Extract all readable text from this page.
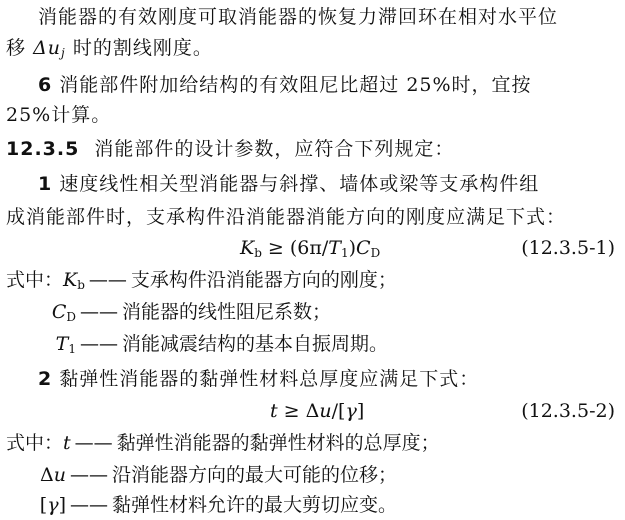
消能器的有效刚度可取消能器的恢复力滞回环在相对水平位
移 $\Delta u_j$ 时的割线刚度。
6 消能部件附加给结构的有效阻尼比超过 25%时，宜按
25%计算。
12.3.5 消能部件的设计参数，应符合下列规定：
1 速度线性相关型消能器与斜撑、墙体或梁等支承构件组
成消能部件时，支承构件沿消能器消能方向的刚度应满足下式：
$K_b \ge (6\pi/T_1)C_D$	(12.3.5-1)
式中：$K_b$ —— 支承构件沿消能器方向的刚度；
$C_D$ —— 消能器的线性阻尼系数；
$T_1$ —— 消能减震结构的基本自振周期。
2 黏弹性消能器的黏弹性材料总厚度应满足下式：
t ≥ Δu/[γ]	(12.3.5-2)
式中：t —— 黏弹性消能器的黏弹性材料的总厚度；
Δu —— 沿消能器方向的最大可能的位移；
[γ] —— 黏弹性材料允许的最大剪切应变。
